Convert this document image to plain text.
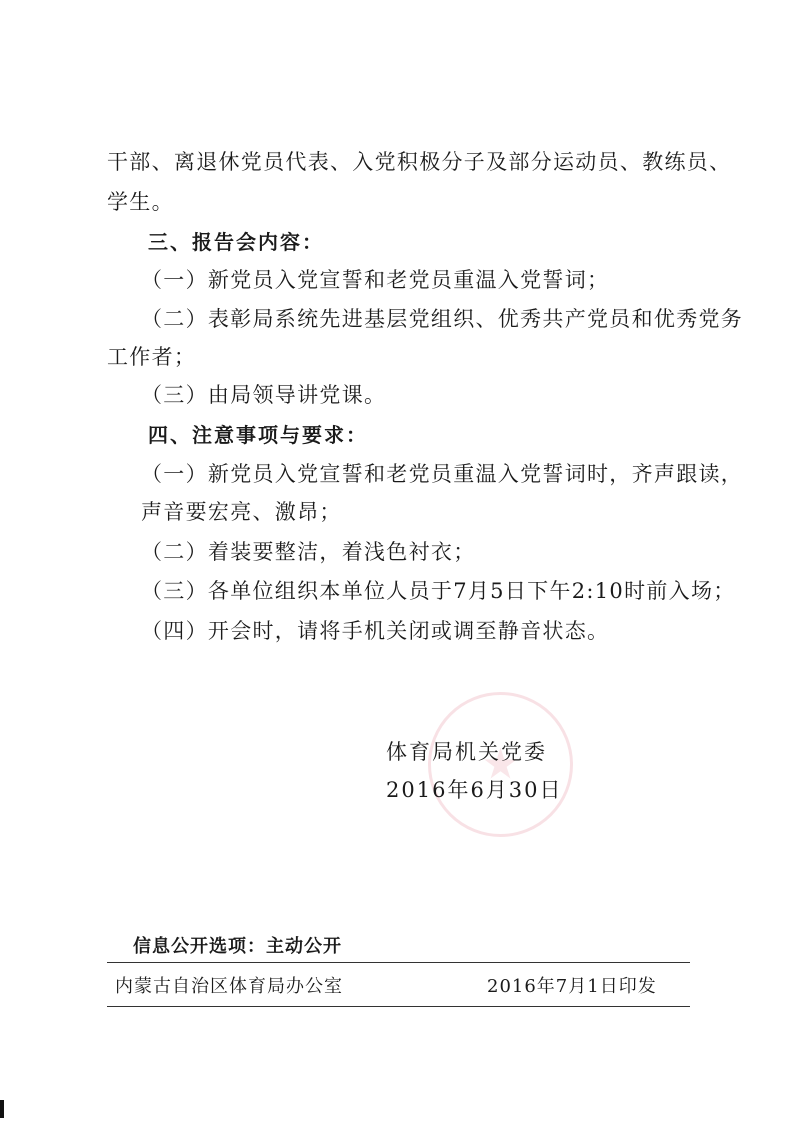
干部、离退休党员代表、入党积极分子及部分运动员、教练员、
学生。
三、报告会内容：
（一）新党员入党宣誓和老党员重温入党誓词；
（二）表彰局系统先进基层党组织、优秀共产党员和优秀党务
工作者；
（三）由局领导讲党课。
四、注意事项与要求：
（一）新党员入党宣誓和老党员重温入党誓词时，齐声跟读，
声音要宏亮、激昂；
（二）着装要整洁，着浅色衬衣；
（三）各单位组织本单位人员于7月5日下午2:10时前入场；
（四）开会时，请将手机关闭或调至静音状态。
体育局机关党委
2016年6月30日
信息公开选项：主动公开
内蒙古自治区体育局办公室	2016年7月1日印发
